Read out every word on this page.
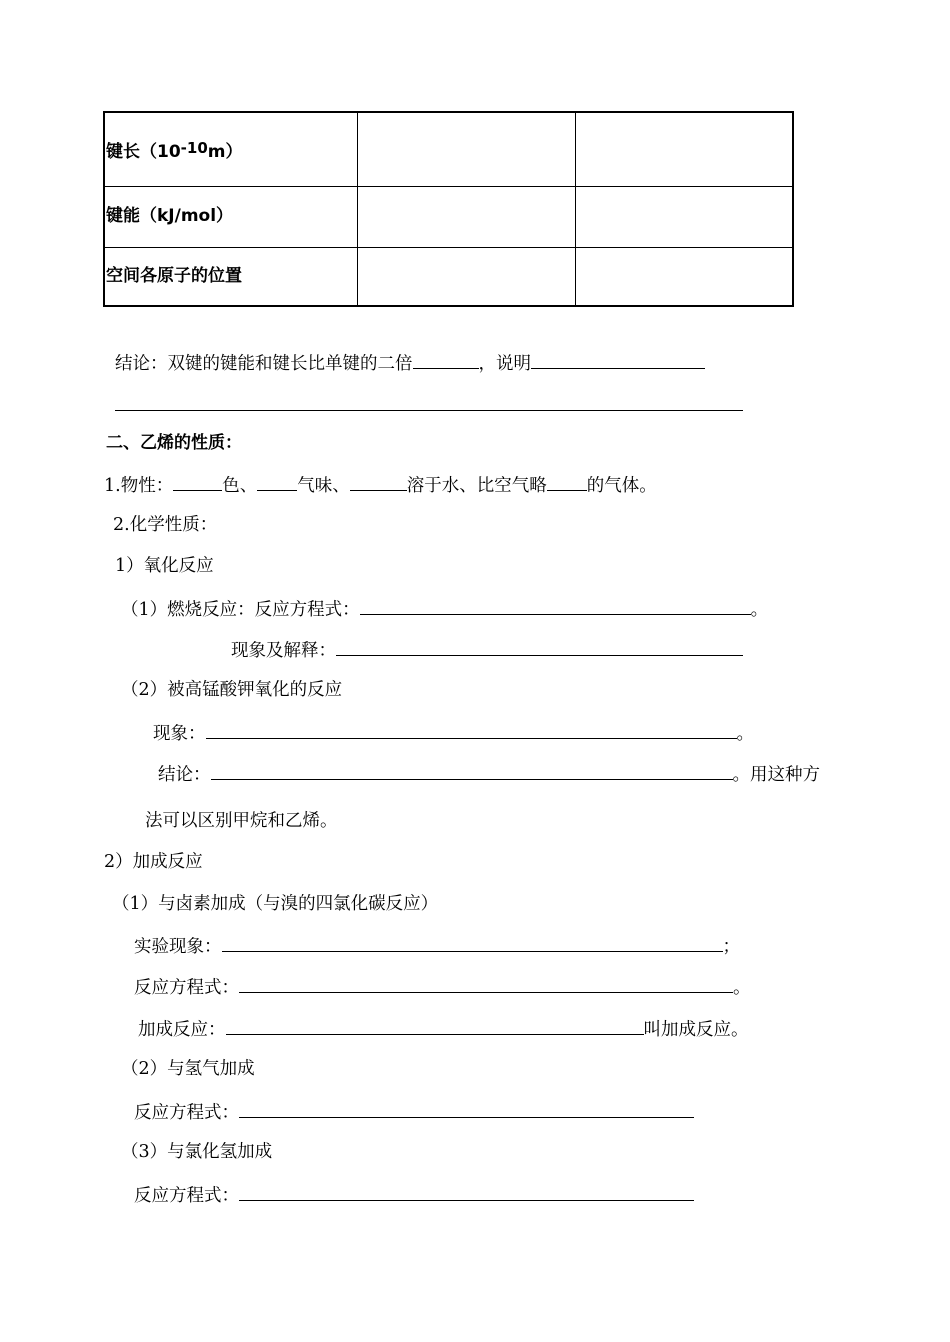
键长$(10^{-10}m)$
键能（kJ/mol）
空间各原子的位置
结论：双键的键能和键长比单键的二倍	，说明
二、乙烯的性质：
1.物性：	色、 气味、	溶于水、比空气略 的气体。
2.化学性质：
1）氧化反应
（1）燃烧反应：反应方程式：	。
现象及解释：
（2）被高锰酸钾氧化的反应
现象：	。
结论：	。用这种方
法可以区别甲烷和乙烯。
2）加成反应
（1）与卤素加成（与溴的四氯化碳反应）
实验现象：	；
反应方程式：	。
加成反应：	叫加成反应。
（2）与氢气加成
反应方程式：
（3）与氯化氢加成
反应方程式：
